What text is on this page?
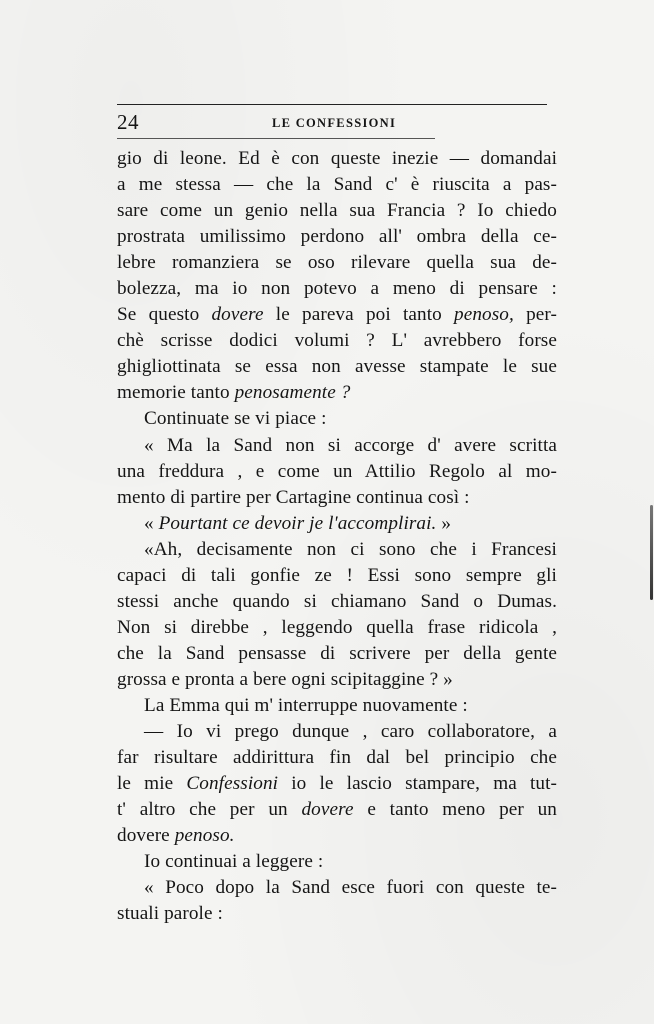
24	LE CONFESSIONI
gio di leone. Ed è con queste inezie — domandai
a me stessa — che la Sand c' è riuscita a pas-
sare come un genio nella sua Francia ? Io chiedo
prostrata umilissimo perdono all' ombra della ce-
lebre romanziera se oso rilevare quella sua de-
bolezza, ma io non potevo a meno di pensare :
Se questo dovere le pareva poi tanto penoso, per-
chè scrisse dodici volumi ? L' avrebbero forse
ghigliottinata se essa non avesse stampate le sue
memorie tanto penosamente ?
Continuate se vi piace :
« Ma la Sand non si accorge d' avere scritta
una freddura , e come un Attilio Regolo al mo-
mento di partire per Cartagine continua così :
« Pourtant ce devoir je l'accomplirai. »
«Ah, decisamente non ci sono che i Francesi
capaci di tali gonfie ze ! Essi sono sempre gli
stessi anche quando si chiamano Sand o Dumas.
Non si direbbe , leggendo quella frase ridicola ,
che la Sand pensasse di scrivere per della gente
grossa e pronta a bere ogni scipitaggine ? »
La Emma qui m' interruppe nuovamente :
— Io vi prego dunque , caro collaboratore, a
far risultare addirittura fin dal bel principio che
le mie Confessioni io le lascio stampare, ma tut-
t' altro che per un dovere e tanto meno per un
dovere penoso.
Io continuai a leggere :
« Poco dopo la Sand esce fuori con queste te-
stuali parole :
